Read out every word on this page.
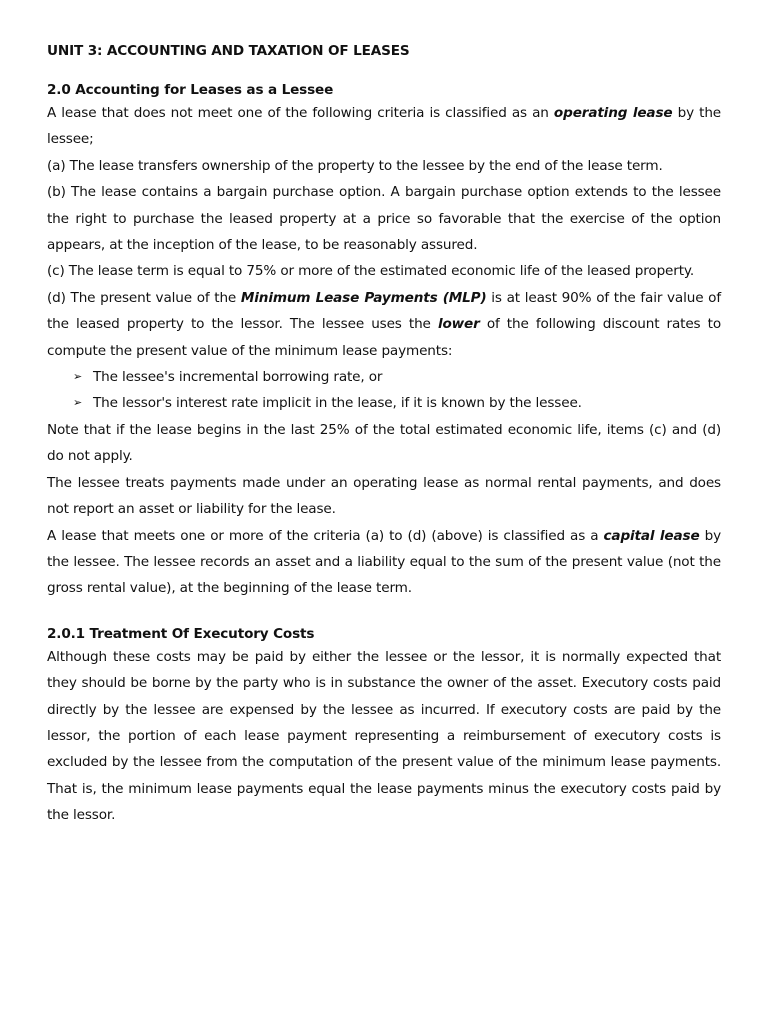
UNIT 3: ACCOUNTING AND TAXATION OF LEASES

2.0 Accounting for Leases as a Lessee

A lease that does not meet one of the following criteria is classified as an operating lease by the lessee;

(a) The lease transfers ownership of the property to the lessee by the end of the lease term.

(b) The lease contains a bargain purchase option. A bargain purchase option extends to the lessee the right to purchase the leased property at a price so favorable that the exercise of the option appears, at the inception of the lease, to be reasonably assured.

(c) The lease term is equal to 75% or more of the estimated economic life of the leased property.

(d) The present value of the Minimum Lease Payments (MLP) is at least 90% of the fair value of the leased property to the lessor. The lessee uses the lower of the following discount rates to compute the present value of the minimum lease payments:

➢ The lessee's incremental borrowing rate, or
➢ The lessor's interest rate implicit in the lease, if it is known by the lessee.

Note that if the lease begins in the last 25% of the total estimated economic life, items (c) and (d) do not apply.

The lessee treats payments made under an operating lease as normal rental payments, and does not report an asset or liability for the lease.

A lease that meets one or more of the criteria (a) to (d) (above) is classified as a capital lease by the lessee. The lessee records an asset and a liability equal to the sum of the present value (not the gross rental value), at the beginning of the lease term.

2.0.1 Treatment Of Executory Costs

Although these costs may be paid by either the lessee or the lessor, it is normally expected that they should be borne by the party who is in substance the owner of the asset. Executory costs paid directly by the lessee are expensed by the lessee as incurred. If executory costs are paid by the lessor, the portion of each lease payment representing a reimbursement of executory costs is excluded by the lessee from the computation of the present value of the minimum lease payments. That is, the minimum lease payments equal the lease payments minus the executory costs paid by the lessor.
